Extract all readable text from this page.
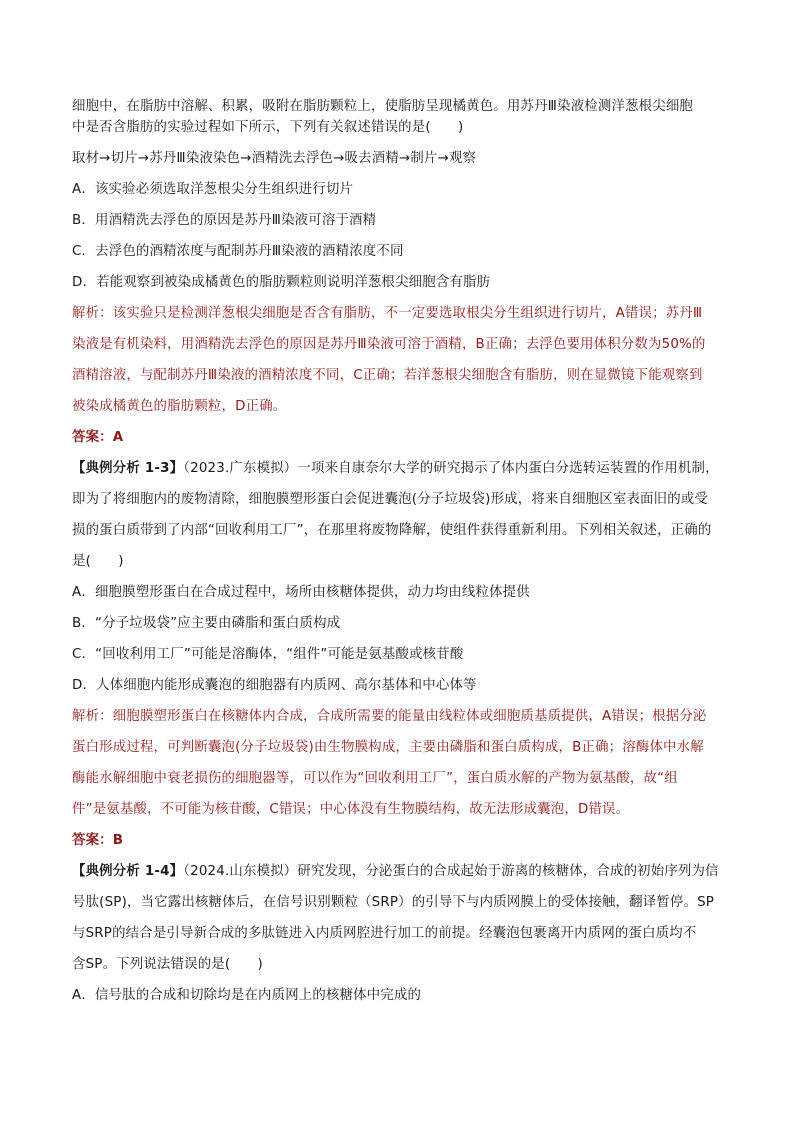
细胞中，在脂肪中溶解、积累，吸附在脂肪颗粒上，使脂肪呈现橘黄色。用苏丹Ⅲ染液检测洋葱根尖细胞

中是否含脂肪的实验过程如下所示，下列有关叙述错误的是(　　)

取材→切片→苏丹Ⅲ染液染色→酒精洗去浮色→吸去酒精→制片→观察

A．该实验必须选取洋葱根尖分生组织进行切片

B．用酒精洗去浮色的原因是苏丹Ⅲ染液可溶于酒精

C．去浮色的酒精浓度与配制苏丹Ⅲ染液的酒精浓度不同

D．若能观察到被染成橘黄色的脂肪颗粒则说明洋葱根尖细胞含有脂肪

解析：该实验只是检测洋葱根尖细胞是否含有脂肪，不一定要选取根尖分生组织进行切片，A错误；苏丹Ⅲ

染液是有机染料，用酒精洗去浮色的原因是苏丹Ⅲ染液可溶于酒精，B正确；去浮色要用体积分数为50%的

酒精溶液，与配制苏丹Ⅲ染液的酒精浓度不同，C正确；若洋葱根尖细胞含有脂肪，则在显微镜下能观察到

被染成橘黄色的脂肪颗粒，D正确。

答案：A

【典例分析 1-3】（2023.广东模拟）一项来自康奈尔大学的研究揭示了体内蛋白分选转运装置的作用机制，

即为了将细胞内的废物清除，细胞膜塑形蛋白会促进囊泡(分子垃圾袋)形成，将来自细胞区室表面旧的或受

损的蛋白质带到了内部“回收利用工厂”，在那里将废物降解，使组件获得重新利用。下列相关叙述，正确的

是(　　)

A．细胞膜塑形蛋白在合成过程中，场所由核糖体提供，动力均由线粒体提供

B．“分子垃圾袋”应主要由磷脂和蛋白质构成

C．“回收利用工厂”可能是溶酶体，“组件”可能是氨基酸或核苷酸

D．人体细胞内能形成囊泡的细胞器有内质网、高尔基体和中心体等

解析：细胞膜塑形蛋白在核糖体内合成，合成所需要的能量由线粒体或细胞质基质提供，A错误；根据分泌

蛋白形成过程，可判断囊泡(分子垃圾袋)由生物膜构成，主要由磷脂和蛋白质构成，B正确；溶酶体中水解

酶能水解细胞中衰老损伤的细胞器等，可以作为“回收利用工厂”，蛋白质水解的产物为氨基酸，故“组

件”是氨基酸，不可能为核苷酸，C错误；中心体没有生物膜结构，故无法形成囊泡，D错误。

答案：B

【典例分析 1-4】（2024.山东模拟）研究发现，分泌蛋白的合成起始于游离的核糖体，合成的初始序列为信

号肽(SP)，当它露出核糖体后，在信号识别颗粒（SRP）的引导下与内质网膜上的受体接触，翻译暂停。SP

与SRP的结合是引导新合成的多肽链进入内质网腔进行加工的前提。经囊泡包裹离开内质网的蛋白质均不

含SP。下列说法错误的是(　　)

A．信号肽的合成和切除均是在内质网上的核糖体中完成的
